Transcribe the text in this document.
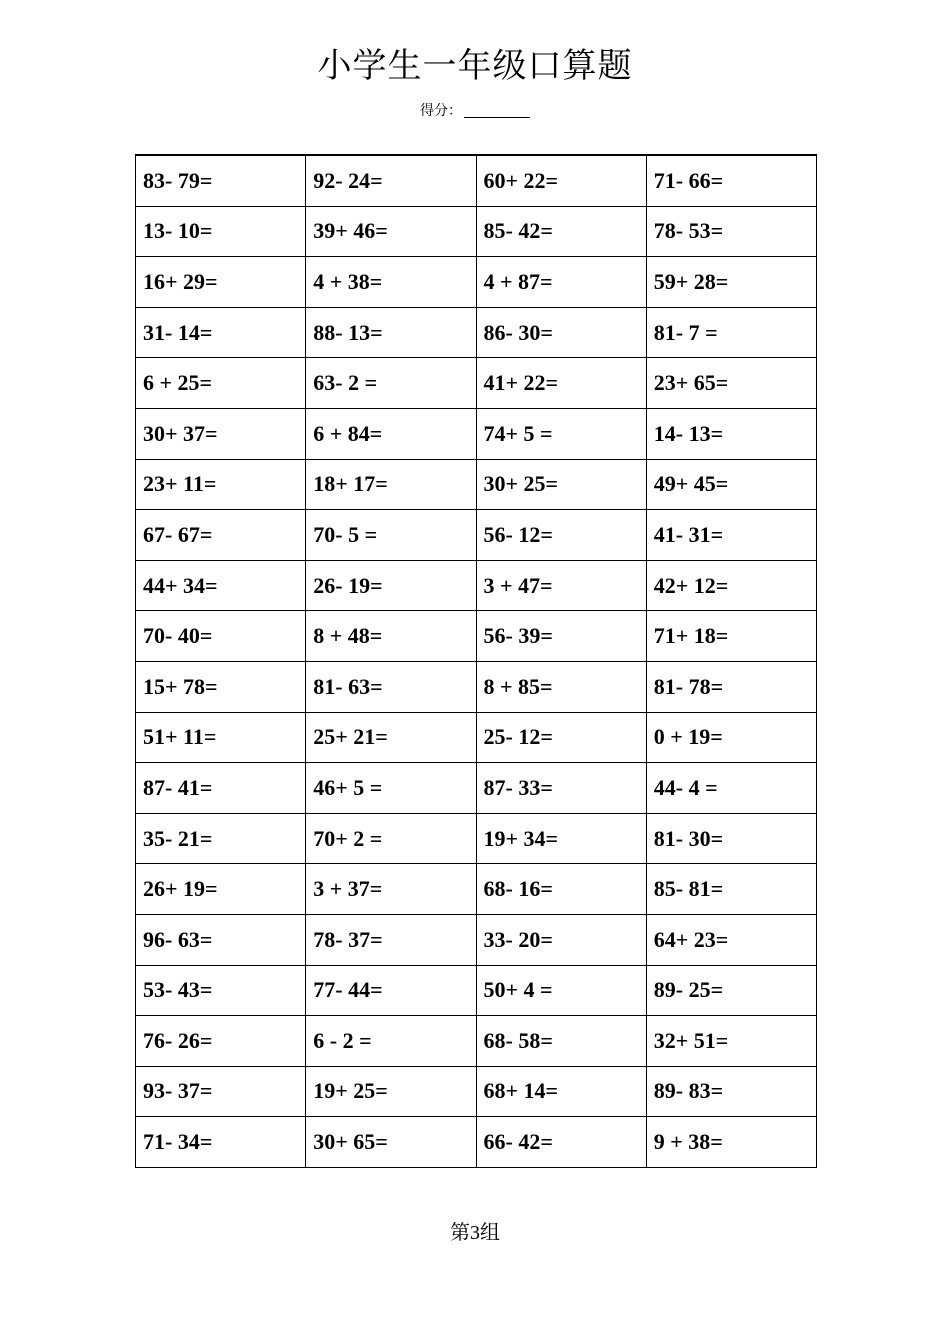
小学生一年级口算题
得分：
83- 79=	92- 24=	60+ 22=	71- 66=
13- 10=	39+ 46=	85- 42=	78- 53=
16+ 29=	4 + 38=	4 + 87=	59+ 28=
31- 14=	88- 13=	86- 30=	81- 7 =
6 + 25=	63- 2 =	41+ 22=	23+ 65=
30+ 37=	6 + 84=	74+ 5 =	14- 13=
23+ 11=	18+ 17=	30+ 25=	49+ 45=
67- 67=	70- 5 =	56- 12=	41- 31=
44+ 34=	26- 19=	3 + 47=	42+ 12=
70- 40=	8 + 48=	56- 39=	71+ 18=
15+ 78=	81- 63=	8 + 85=	81- 78=
51+ 11=	25+ 21=	25- 12=	0 + 19=
87- 41=	46+ 5 =	87- 33=	44- 4 =
35- 21=	70+ 2 =	19+ 34=	81- 30=
26+ 19=	3 + 37=	68- 16=	85- 81=
96- 63=	78- 37=	33- 20=	64+ 23=
53- 43=	77- 44=	50+ 4 =	89- 25=
76- 26=	6 - 2 =	68- 58=	32+ 51=
93- 37=	19+ 25=	68+ 14=	89- 83=
71- 34=	30+ 65=	66- 42=	9 + 38=
第3组
